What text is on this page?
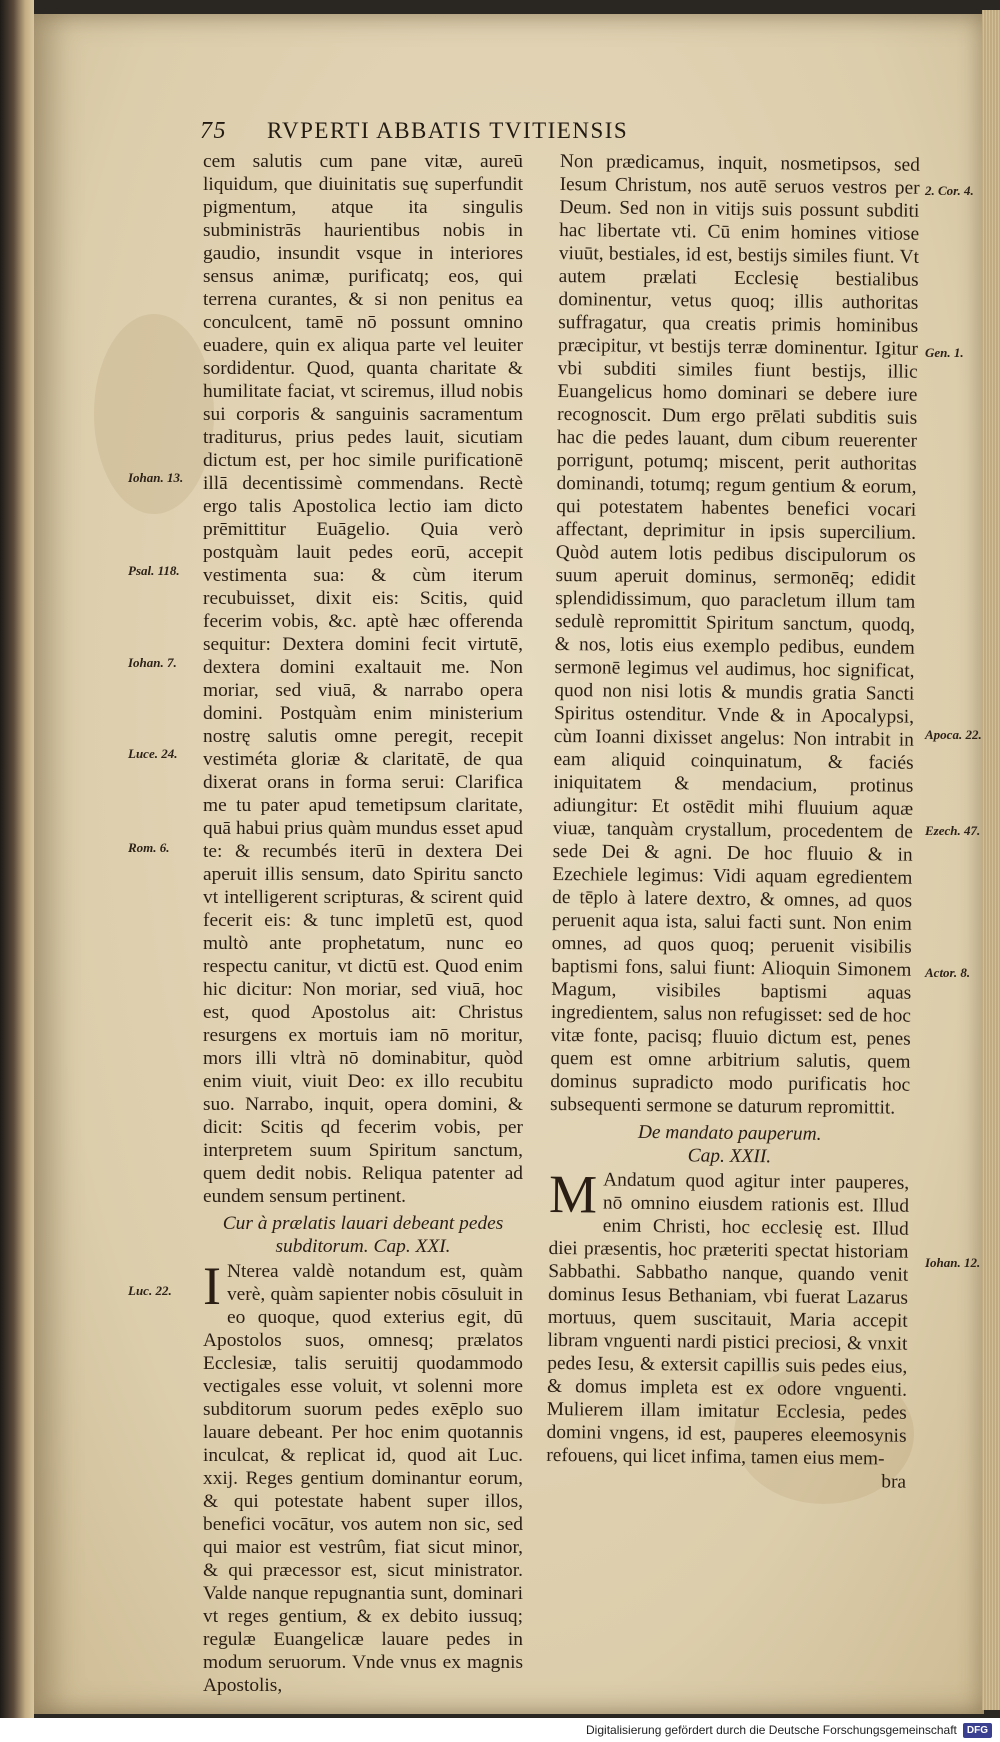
75 RVPERTI ABBATIS TVITIENSIS

cem salutis cum pane vitæ, aureū liquidum, que diuinitatis suę superfundit pigmentum, atque ita singulis subministrās haurientibus nobis in gaudio, insundit vsque in interiores sensus animæ, purificatq; eos, qui terrena curantes, & si non penitus ea conculcent, tamē nō possunt omnino euadere, quin ex aliqua parte vel leuiter sordidentur. Quod, quanta charitate & humilitate faciat, vt sciremus, illud nobis sui corporis & sanguinis sacramentum traditurus, prius pedes lauit, sicutiam dictum est, per hoc simile purificationē illā decentissimè commendans. Rectè ergo talis Apostolica lectio iam dicto prēmittitur Euāgelio. Quia verò postquàm lauit pedes eorū, accepit vestimenta sua: & cùm iterum recubuisset, dixit eis: Scitis, quid fecerim vobis, &c. aptè hæc offerenda sequitur: Dextera domini fecit virtutē, dextera domini exaltauit me. Non moriar, sed viuā, & narrabo opera domini. Postquàm enim ministerium nostrę salutis omne peregit, recepit vestiméta gloriæ & claritatē, de qua dixerat orans in forma serui: Clarifica me tu pater apud temetipsum claritate, quā habui prius quàm mundus esset apud te: & recumbés iterū in dextera Dei aperuit illis sensum, dato Spiritu sancto vt intelligerent scripturas, & scirent quid fecerit eis: & tunc impletū est, quod multò ante prophetatum, nunc eo respectu canitur, vt dictū est. Quod enim hic dicitur: Non moriar, sed viuā, hoc est, quod Apostolus ait: Christus resurgens ex mortuis iam nō moritur, mors illi vltrà nō dominabitur, quòd enim viuit, viuit Deo: ex illo recubitu suo. Narrabo, inquit, opera domini, & dicit: Scitis qd fecerim vobis, per interpretem suum Spiritum sanctum, quem dedit nobis. Reliqua patenter ad eundem sensum pertinent.

Cur à prælatis lauari debeant pedes subditorum. Cap. XXI.

I Nterea valdè notandum est, quàm verè, quàm sapienter nobis cōsuluit in eo quoque, quod exterius egit, dū Apostolos suos, omnesq; prælatos Ecclesiæ, talis seruitij quodammodo vectigales esse voluit, vt solenni more subditorum suorum pedes exēplo suo lauare debeant. Per hoc enim quotannis inculcat, & replicat id, quod ait Luc. xxij. Reges gentium dominantur eorum, & qui potestate habent super illos, benefici vocātur, vos autem non sic, sed qui maior est vestrûm, fiat sicut minor, & qui præcessor est, sicut ministrator. Valde nanque repugnantia sunt, dominari vt reges gentium, & ex debito iussuq; regulæ Euangelicæ lauare pedes in modum seruorum. Vnde vnus ex magnis Apostolis,

Non prædicamus, inquit, nosmetipsos, sed Iesum Christum, nos autē seruos vestros per Deum. Sed non in vitijs suis possunt subditi hac libertate vti. Cū enim homines vitiose viuūt, bestiales, id est, bestijs similes fiunt. Vt autem prælati Ecclesię bestialibus dominentur, vetus quoq; illis authoritas suffragatur, qua creatis primis hominibus præcipitur, vt bestijs terræ dominentur. Igitur vbi subditi similes fiunt bestijs, illic Euangelicus homo dominari se debere iure recognoscit. Dum ergo prēlati subditis suis hac die pedes lauant, dum cibum reuerenter porrigunt, potumq; miscent, perit authoritas dominandi, totumq; regum gentium & eorum, qui potestatem habentes benefici vocari affectant, deprimitur in ipsis supercilium. Quòd autem lotis pedibus discipulorum os suum aperuit dominus, sermonēq; edidit splendidissimum, quo paracletum illum tam sedulè repromittit Spiritum sanctum, quodq, & nos, lotis eius exemplo pedibus, eundem sermonē legimus vel audimus, hoc significat, quod non nisi lotis & mundis gratia Sancti Spiritus ostenditur. Vnde & in Apocalypsi, cùm Ioanni dixisset angelus: Non intrabit in eam aliquid coinquinatum, & faciés iniquitatem & mendacium, protinus adiungitur: Et ostēdit mihi fluuium aquæ viuæ, tanquàm crystallum, procedentem de sede Dei & agni. De hoc fluuio & in Ezechiele legimus: Vidi aquam egredientem de tēplo à latere dextro, & omnes, ad quos peruenit aqua ista, salui facti sunt. Non enim omnes, ad quos quoq; peruenit visibilis baptismi fons, salui fiunt: Alioquin Simonem Magum, visibiles baptismi aquas ingredientem, salus non refugisset: sed de hoc vitæ fonte, pacisq; fluuio dictum est, penes quem est omne arbitrium salutis, quem dominus supradicto modo purificatis hoc subsequenti sermone se daturum repromittit.

De mandato pauperum.
Cap. XXII.

M Andatum quod agitur inter pauperes, nō omnino eiusdem rationis est. Illud enim Christi, hoc ecclesię est. Illud diei præsentis, hoc præteriti spectat historiam Sabbathi. Sabbatho nanque, quando venit dominus Iesus Bethaniam, vbi fuerat Lazarus mortuus, quem suscitauit, Maria accepit libram vnguenti nardi pistici preciosi, & vnxit pedes Iesu, & extersit capillis suis pedes eius, & domus impleta est ex odore vnguenti. Mulierem illam imitatur Ecclesia, pedes domini vngens, id est, pauperes eleemosynis refouens, qui licet infima, tamen eius mem-

bra

Iohan. 13.
Psal. 118.
Iohan. 7.
Luce. 24.
Rom. 6.
Luc. 22.
2. Cor. 4.
Gen. 1.
Apoca. 22.
Ezech. 47.
Actor. 8.
Iohan. 12.
Digitalisierung gefördert durch die Deutsche Forschungsgemeinschaft	DFG
